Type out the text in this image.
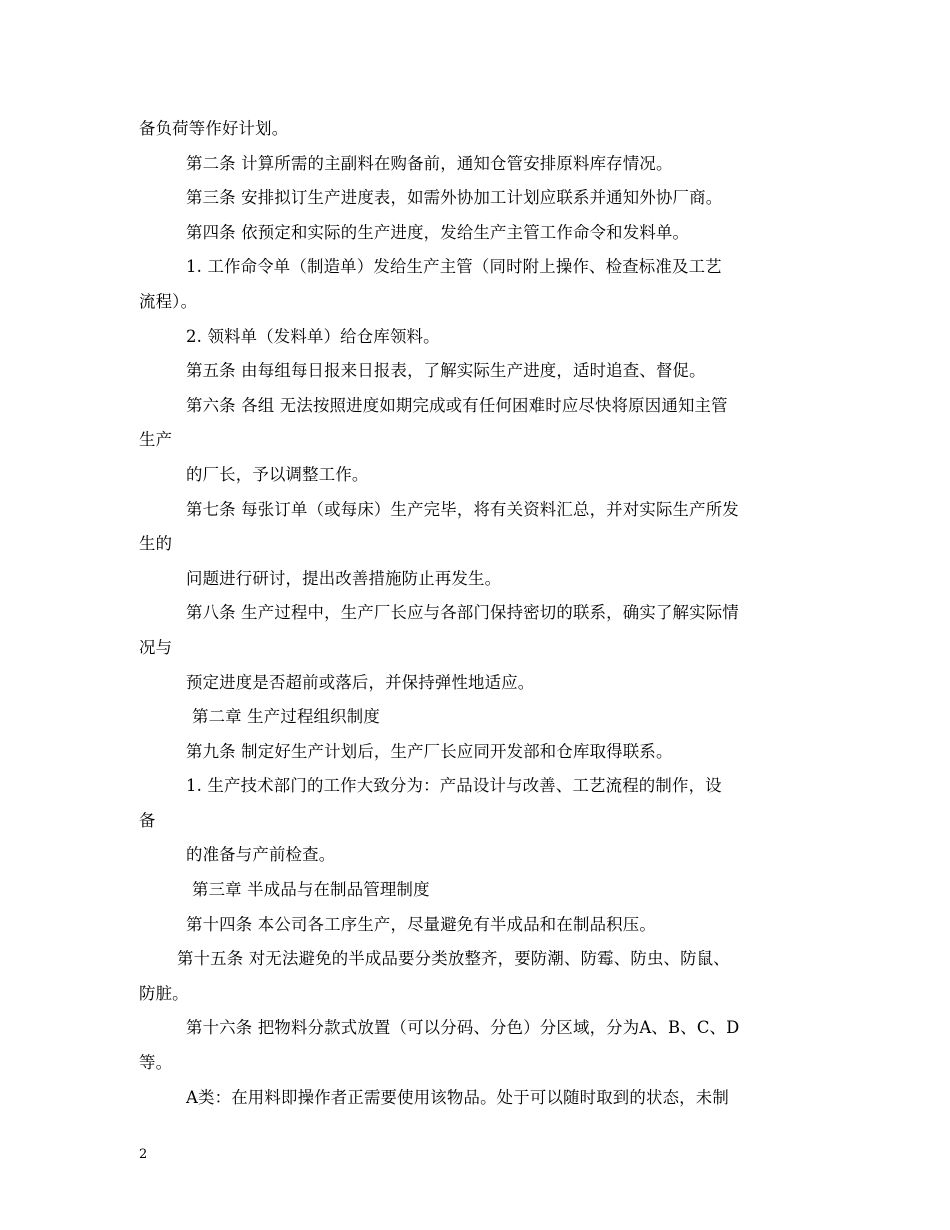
备负荷等作好计划。
第二条 计算所需的主副料在购备前，通知仓管安排原料库存情况。
第三条 安排拟订生产进度表，如需外协加工计划应联系并通知外协厂商。
第四条 依预定和实际的生产进度，发给生产主管工作命令和发料单。
1. 工作命令单（制造单）发给生产主管（同时附上操作、检查标准及工艺
流程）。
2. 领料单（发料单）给仓库领料。
第五条 由每组每日报来日报表，了解实际生产进度，适时追查、督促。
第六条 各组 无法按照进度如期完成或有任何困难时应尽快将原因通知主管
生产
的厂长，予以调整工作。
第七条 每张订单（或每床）生产完毕，将有关资料汇总，并对实际生产所发
生的
问题进行研讨，提出改善措施防止再发生。
第八条 生产过程中，生产厂长应与各部门保持密切的联系，确实了解实际情
况与
预定进度是否超前或落后，并保持弹性地适应。
第二章 生产过程组织制度
第九条 制定好生产计划后，生产厂长应同开发部和仓库取得联系。
1. 生产技术部门的工作大致分为：产品设计与改善、工艺流程的制作，设
备
的准备与产前检查。
第三章 半成品与在制品管理制度
第十四条 本公司各工序生产，尽量避免有半成品和在制品积压。
第十五条 对无法避免的半成品要分类放整齐，要防潮、防霉、防虫、防鼠、
防脏。
第十六条 把物料分款式放置（可以分码、分色）分区域，分为A、B、C、D
等。
A类：在用料即操作者正需要使用该物品。处于可以随时取到的状态，未制
2
